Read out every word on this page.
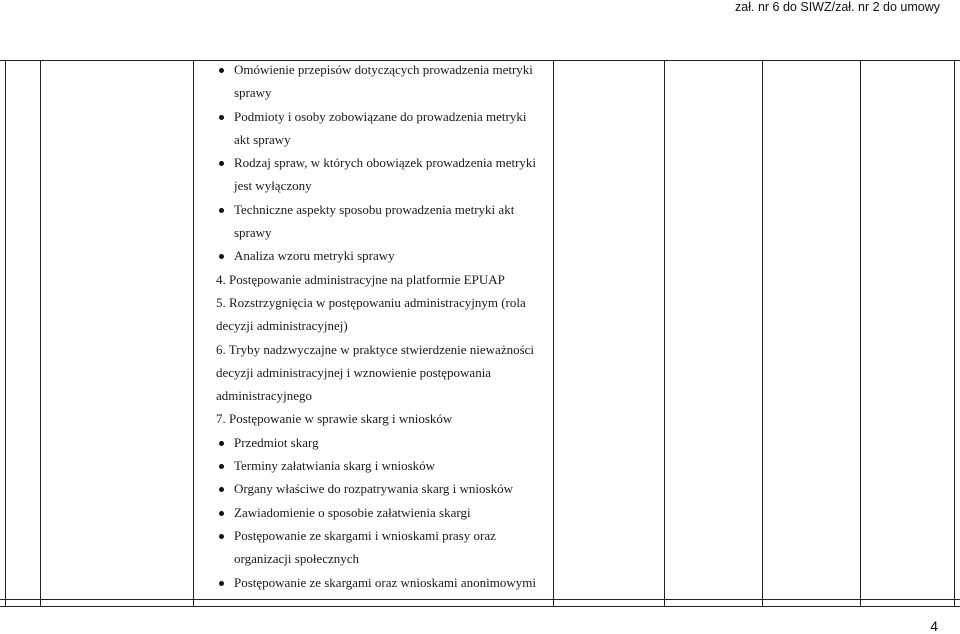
zał. nr 6 do SIWZ/zał. nr 2 do umowy
Omówienie przepisów dotyczących prowadzenia metryki
sprawy
Podmioty i osoby zobowiązane do prowadzenia metryki
akt sprawy
Rodzaj spraw, w których obowiązek prowadzenia metryki
jest wyłączony
Techniczne aspekty sposobu prowadzenia metryki akt
sprawy
Analiza wzoru metryki sprawy
4. Postępowanie administracyjne na platformie EPUAP
5. Rozstrzygnięcia w postępowaniu administracyjnym (rola
decyzji administracyjnej)
6. Tryby nadzwyczajne w praktyce stwierdzenie nieważności
decyzji administracyjnej i wznowienie postępowania
administracyjnego
7. Postępowanie w sprawie skarg i wniosków
Przedmiot skarg
Terminy załatwiania skarg i wniosków
Organy właściwe do rozpatrywania skarg i wniosków
Zawiadomienie o sposobie załatwienia skargi
Postępowanie ze skargami i wnioskami prasy oraz
organizacji społecznych
Postępowanie ze skargami oraz wnioskami anonimowymi
4
